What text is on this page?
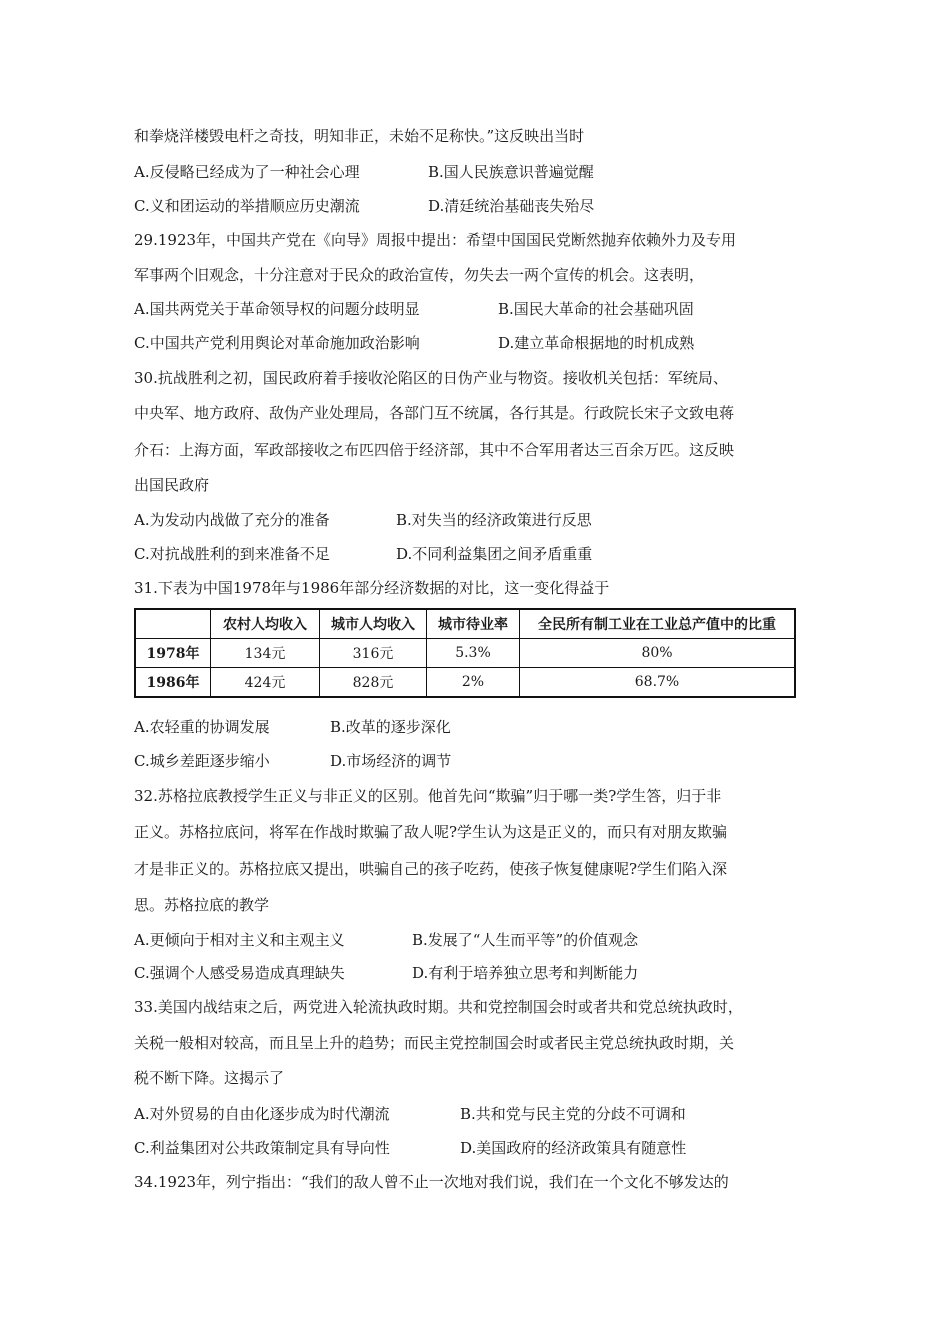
和拳烧洋楼毁电杆之奇技，明知非正，未始不足称快。”这反映出当时
A.反侵略已经成为了一种社会心理	B.国人民族意识普遍觉醒
C.义和团运动的举措顺应历史潮流	D.清廷统治基础丧失殆尽
29.1923年，中国共产党在《向导》周报中提出：希望中国国民党断然抛弃依赖外力及专用
军事两个旧观念，十分注意对于民众的政治宣传，勿失去一两个宣传的机会。这表明，
A.国共两党关于革命领导权的问题分歧明显	B.国民大革命的社会基础巩固
C.中国共产党利用舆论对革命施加政治影响	D.建立革命根据地的时机成熟
30.抗战胜利之初，国民政府着手接收沦陷区的日伪产业与物资。接收机关包括：军统局、
中央军、地方政府、敌伪产业处理局，各部门互不统属，各行其是。行政院长宋子文致电蒋
介石：上海方面，军政部接收之布匹四倍于经济部，其中不合军用者达三百余万匹。这反映
出国民政府
A.为发动内战做了充分的准备	B.对失当的经济政策进行反思
C.对抗战胜利的到来准备不足	D.不同利益集团之间矛盾重重
31.下表为中国1978年与1986年部分经济数据的对比，这一变化得益于
	农村人均收入	城市人均收入	城市待业率	全民所有制工业在工业总产值中的比重
1978年	134元	316元	5.3%	80%
1986年	424元	828元	2%	68.7%
A.农轻重的协调发展	B.改革的逐步深化
C.城乡差距逐步缩小	D.市场经济的调节
32.苏格拉底教授学生正义与非正义的区别。他首先问“欺骗”归于哪一类?学生答，归于非
正义。苏格拉底问，将军在作战时欺骗了敌人呢?学生认为这是正义的，而只有对朋友欺骗
才是非正义的。苏格拉底又提出，哄骗自己的孩子吃药，使孩子恢复健康呢?学生们陷入深
思。苏格拉底的教学
A.更倾向于相对主义和主观主义	B.发展了“人生而平等”的价值观念
C.强调个人感受易造成真理缺失	D.有利于培养独立思考和判断能力
33.美国内战结束之后，两党进入轮流执政时期。共和党控制国会时或者共和党总统执政时，
关税一般相对较高，而且呈上升的趋势；而民主党控制国会时或者民主党总统执政时期，关
税不断下降。这揭示了
A.对外贸易的自由化逐步成为时代潮流	B.共和党与民主党的分歧不可调和
C.利益集团对公共政策制定具有导向性	D.美国政府的经济政策具有随意性
34.1923年，列宁指出：“我们的敌人曾不止一次地对我们说，我们在一个文化不够发达的
